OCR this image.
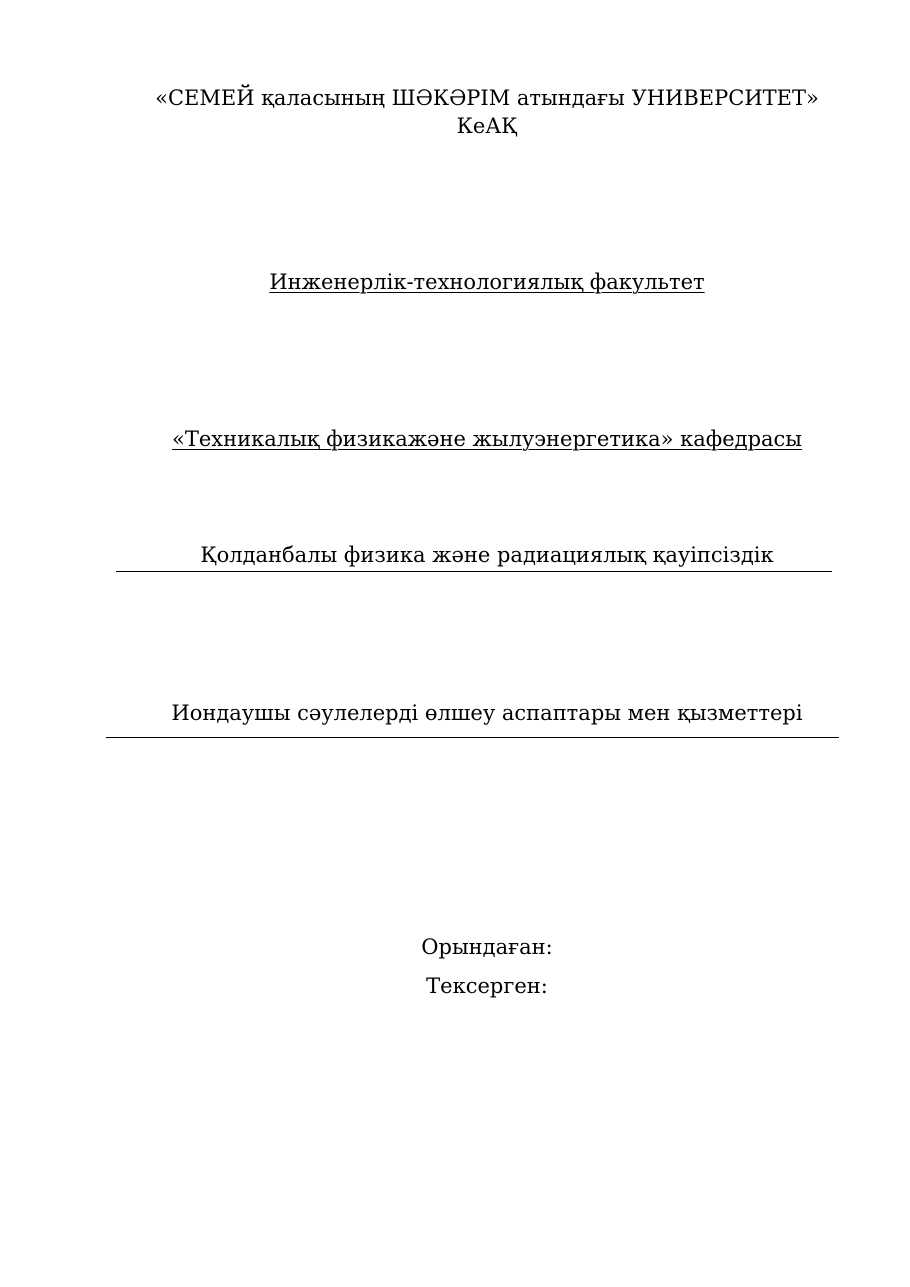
«СЕМЕЙ қаласының ШӘКӘРІМ атындағы УНИВЕРСИТЕТ»
КеАҚ
Инженерлік-технологиялық факультет
«Техникалық физикажәне жылуэнергетика» кафедрасы
Қолданбалы физика және радиациялық қауіпсіздік
Иондаушы сәулелерді өлшеу аспаптары мен қызметтері
Орындаған:
Тексерген:
